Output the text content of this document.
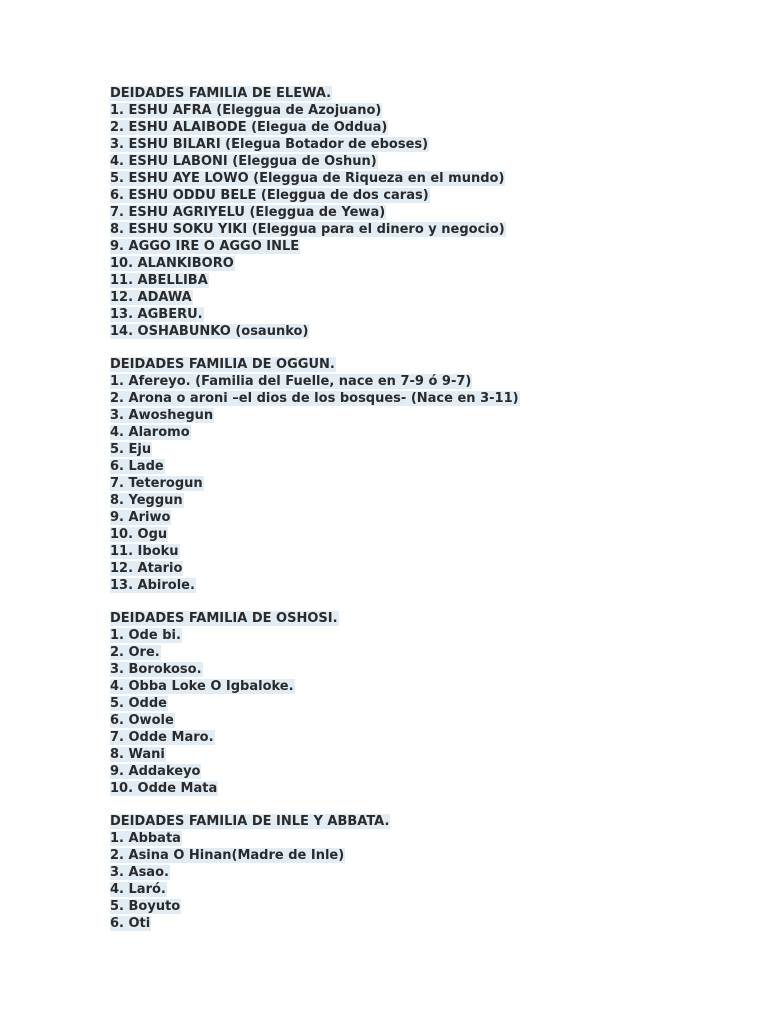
DEIDADES FAMILIA DE ELEWA.
1. ESHU AFRA (Eleggua de Azojuano)
2. ESHU ALAIBODE (Elegua de Oddua)
3. ESHU BILARI (Elegua Botador de eboses)
4. ESHU LABONI (Eleggua de Oshun)
5. ESHU AYE LOWO (Eleggua de Riqueza en el mundo)
6. ESHU ODDU BELE (Eleggua de dos caras)
7. ESHU AGRIYELU (Eleggua de Yewa)
8. ESHU SOKU YIKI (Eleggua para el dinero y negocio)
9. AGGO IRE O AGGO INLE
10. ALANKIBORO
11. ABELLIBA
12. ADAWA
13. AGBERU.
14. OSHABUNKO (osaunko)
DEIDADES FAMILIA DE OGGUN.
1. Afereyo. (Familia del Fuelle, nace en 7-9 ó 9-7)
2. Arona o aroni –el dios de los bosques- (Nace en 3-11)
3. Awoshegun
4. Alaromo
5. Eju
6. Lade
7. Teterogun
8. Yeggun
9. Ariwo
10. Ogu
11. Iboku
12. Atario
13. Abirole.
DEIDADES FAMILIA DE OSHOSI.
1. Ode bi.
2. Ore.
3. Borokoso.
4. Obba Loke O Igbaloke.
5. Odde
6. Owole
7. Odde Maro.
8. Wani
9. Addakeyo
10. Odde Mata
DEIDADES FAMILIA DE INLE Y ABBATA.
1. Abbata
2. Asina O Hinan(Madre de Inle)
3. Asao.
4. Laró.
5. Boyuto
6. Oti
